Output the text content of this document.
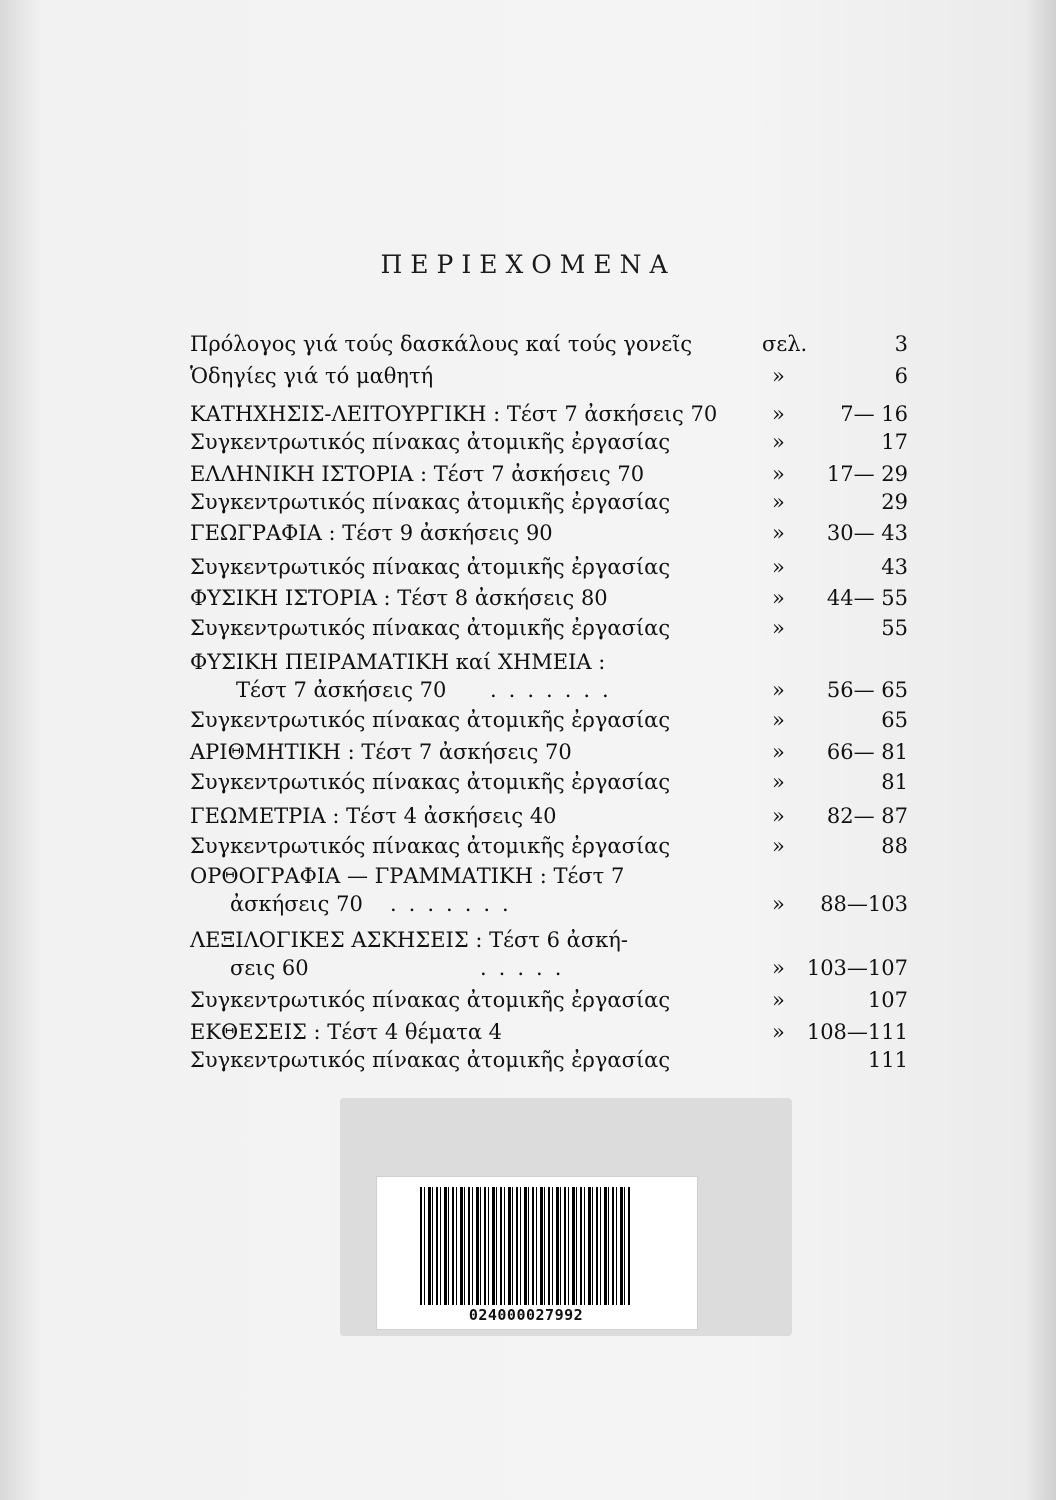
ΠΕΡΙΕΧΟΜΕΝΑ
Πρόλογος γιά τούς δασκάλους καί τούς γονεῖς	σελ.	3
Ὁδηγίες γιά τό μαθητή	»	6
ΚΑΤΗΧΗΣΙΣ-ΛΕΙΤΟΥΡΓΙΚΗ : Τέστ 7 ἀσκήσεις 70	»	7— 16
Συγκεντρωτικός πίνακας ἀτομικῆς ἐργασίας	»	17
ΕΛΛΗΝΙΚΗ ΙΣΤΟΡΙΑ : Τέστ 7 ἀσκήσεις 70	» 17— 29
Συγκεντρωτικός πίνακας ἀτομικῆς ἐργασίας	»	29
ΓΕΩΓΡΑΦΙΑ : Τέστ 9 ἀσκήσεις 90	» 30— 43
Συγκεντρωτικός πίνακας ἀτομικῆς ἐργασίας	»	43
ΦΥΣΙΚΗ ΙΣΤΟΡΙΑ : Τέστ 8 ἀσκήσεις 80	» 44— 55
Συγκεντρωτικός πίνακας ἀτομικῆς ἐργασίας	»	55
ΦΥΣΙΚΗ ΠΕΙΡΑΜΑΤΙΚΗ καί ΧΗΜΕΙΑ :
Τέστ 7 ἀσκήσεις 70 .......	» 56— 65
Συγκεντρωτικός πίνακας ἀτομικῆς ἐργασίας	»	65
ΑΡΙΘΜΗΤΙΚΗ : Τέστ 7 ἀσκήσεις 70	» 66— 81
Συγκεντρωτικός πίνακας ἀτομικῆς ἐργασίας	»	81
ΓΕΩΜΕΤΡΙΑ : Τέστ 4 ἀσκήσεις 40	» 82— 87
Συγκεντρωτικός πίνακας ἀτομικῆς ἐργασίας	»	88
ΟΡΘΟΓΡΑΦΙΑ — ΓΡΑΜΜΑΤΙΚΗ : Τέστ 7
ἀσκήσεις 70 .......	» 88—103
ΛΕΞΙΛΟΓΙΚΕΣ ΑΣΚΗΣΕΙΣ : Τέστ 6 ἀσκή-
σεις 60	.....	» 103—107
Συγκεντρωτικός πίνακας ἀτομικῆς ἐργασίας	»	107
ΕΚΘΕΣΕΙΣ : Τέστ 4 θέματα 4	» 108—111
Συγκεντρωτικός πίνακας ἀτομικῆς ἐργασίας	111
024000027992
